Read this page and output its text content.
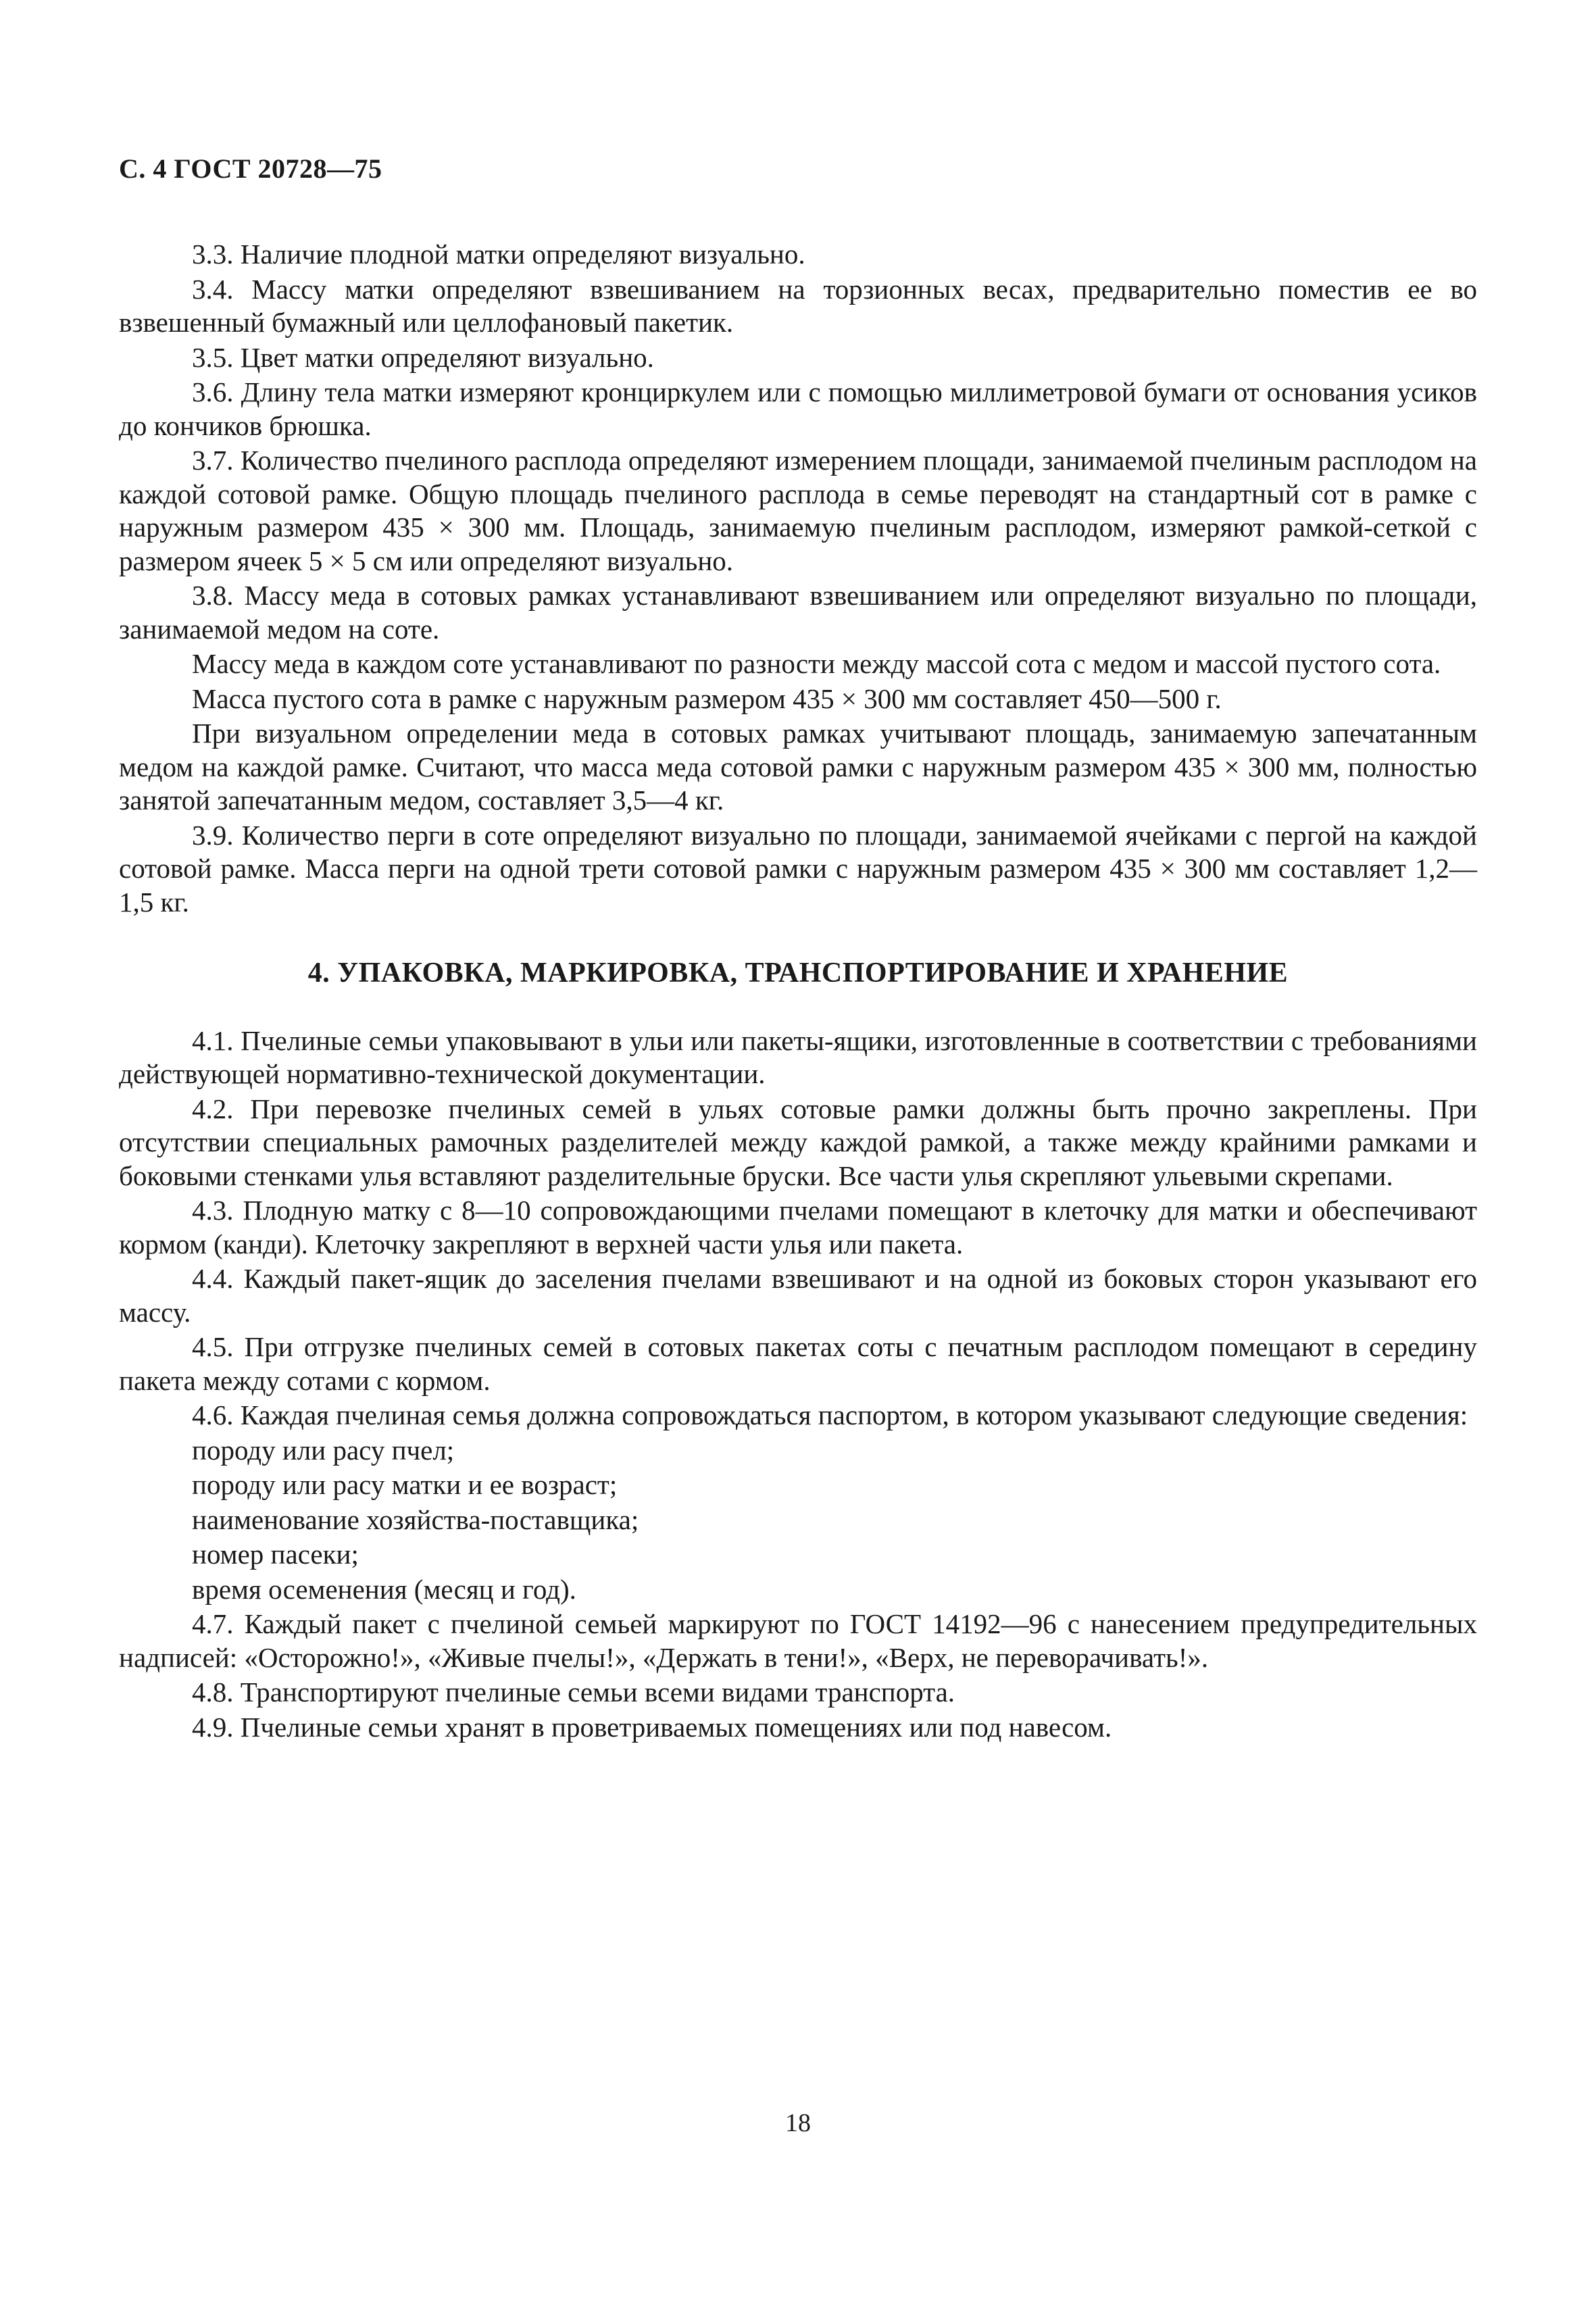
С. 4 ГОСТ 20728—75

3.3. Наличие плодной матки определяют визуально.

3.4. Массу матки определяют взвешиванием на торзионных весах, предварительно поместив ее во взвешенный бумажный или целлофановый пакетик.

3.5. Цвет матки определяют визуально.

3.6. Длину тела матки измеряют кронциркулем или с помощью миллиметровой бумаги от основания усиков до кончиков брюшка.

3.7. Количество пчелиного расплода определяют измерением площади, занимаемой пчелиным расплодом на каждой сотовой рамке. Общую площадь пчелиного расплода в семье переводят на стандартный сот в рамке с наружным размером 435 × 300 мм. Площадь, занимаемую пчелиным расплодом, измеряют рамкой-сеткой с размером ячеек 5 × 5 см или определяют визуально.

3.8. Массу меда в сотовых рамках устанавливают взвешиванием или определяют визуально по площади, занимаемой медом на соте.

Массу меда в каждом соте устанавливают по разности между массой сота с медом и массой пустого сота.

Масса пустого сота в рамке с наружным размером 435 × 300 мм составляет 450—500 г.

При визуальном определении меда в сотовых рамках учитывают площадь, занимаемую запечатанным медом на каждой рамке. Считают, что масса меда сотовой рамки с наружным размером 435 × 300 мм, полностью занятой запечатанным медом, составляет 3,5—4 кг.

3.9. Количество перги в соте определяют визуально по площади, занимаемой ячейками с пергой на каждой сотовой рамке. Масса перги на одной трети сотовой рамки с наружным размером 435 × 300 мм составляет 1,2—1,5 кг.

4. УПАКОВКА, МАРКИРОВКА, ТРАНСПОРТИРОВАНИЕ И ХРАНЕНИЕ

4.1. Пчелиные семьи упаковывают в ульи или пакеты-ящики, изготовленные в соответствии с требованиями действующей нормативно-технической документации.

4.2. При перевозке пчелиных семей в ульях сотовые рамки должны быть прочно закреплены. При отсутствии специальных рамочных разделителей между каждой рамкой, а также между крайними рамками и боковыми стенками улья вставляют разделительные бруски. Все части улья скрепляют ульевыми скрепами.

4.3. Плодную матку с 8—10 сопровождающими пчелами помещают в клеточку для матки и обеспечивают кормом (канди). Клеточку закрепляют в верхней части улья или пакета.

4.4. Каждый пакет-ящик до заселения пчелами взвешивают и на одной из боковых сторон указывают его массу.

4.5. При отгрузке пчелиных семей в сотовых пакетах соты с печатным расплодом помещают в середину пакета между сотами с кормом.

4.6. Каждая пчелиная семья должна сопровождаться паспортом, в котором указывают следующие сведения:

породу или расу пчел;

породу или расу матки и ее возраст;

наименование хозяйства-поставщика;

номер пасеки;

время осеменения (месяц и год).

4.7. Каждый пакет с пчелиной семьей маркируют по ГОСТ 14192—96 с нанесением предупредительных надписей: «Осторожно!», «Живые пчелы!», «Держать в тени!», «Верх, не переворачивать!».

4.8. Транспортируют пчелиные семьи всеми видами транспорта.

4.9. Пчелиные семьи хранят в проветриваемых помещениях или под навесом.

18
